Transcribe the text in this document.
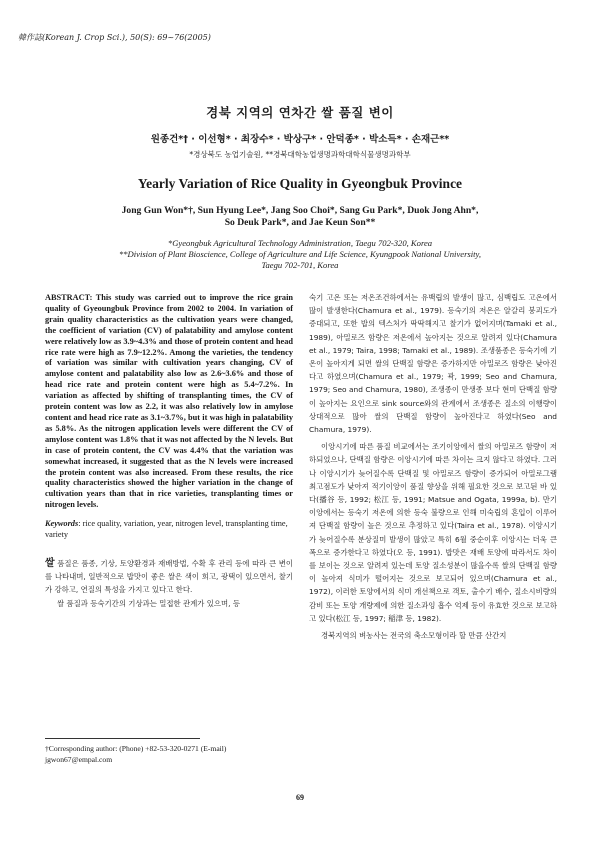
韓作誌(Korean J. Crop Sci.), 50(S): 69~76(2005)
경북 지역의 연차간 쌀 품질 변이
원종건*† · 이선형* · 최장수* · 박상구* · 안덕종* · 박소득* · 손재근**
*경상북도 농업기술원, **경북대학농업생명과학대학식물생명과학부
Yearly Variation of Rice Quality in Gyeongbuk Province
Jong Gun Won*†, Sun Hyung Lee*, Jang Soo Choi*, Sang Gu Park*, Duok Jong Ahn*,
So Deuk Park*, and Jae Keun Son**
*Gyeongbuk Agricultural Technology Administration, Taegu 702-320, Korea
**Division of Plant Bioscience, College of Agriculture and Life Science, Kyungpook National University,
Taegu 702-701, Korea
ABSTRACT: This study was carried out to improve the rice grain quality of Gyeoungbuk Province from 2002 to 2004. In variation of grain quality characteristics as the cultivation years were changed, the coefficient of variation (CV) of palatability and amylose content were relatively low as 3.9~4.3% and those of protein content and head rice rate were high as 7.9~12.2%. Among the varieties, the tendency of variation was similar with cultivation years changing, CV of amylose content and palatability also low as 2.6~3.6% and those of head rice rate and protein content were high as 5.4~7.2%. In variation as affected by shifting of transplanting times, the CV of protein content was low as 2.2, it was also relatively low in amylose content and head rice rate as 3.1~3.7%, but it was high in palatability as 5.8%. As the nitrogen application levels were different the CV of amylose content was 1.8% that it was not affected by the N levels. But in case of protein content, the CV was 4.4% that the variation was somewhat increased, it suggested that as the N levels were increased the protein content was also increased. From these results, the rice quality characteristics showed the higher variation in the change of cultivation years than that in rice varieties, transplanting times or nitrogen levels.
Keywords: rice quality, variation, year, nitrogen level, transplanting time, variety

쌀 품질은 품종, 기상, 토양환경과 재배방법, 수확 후 관리 등에 따라 큰 변이를 나타내며, 일반적으로 밥맛이 좋은 쌀은 색이 희고, 광택이 있으면서, 찰기가 강하고, 연질의 특성을 가지고 있다고 한다.

쌀 품질과 등숙기간의 기상과는 밀접한 관계가 있으며, 등

†Corresponding author: (Phone) +82-53-320-0271 (E-mail) jgwon67@empal.com

숙기 고온 또는 저온조건하에서는 유백립의 발생이 많고, 심백립도 고온에서 많이 발생한다(Chamura et al., 1979). 등숙기의 저온은 알갈리 붕괴도가 증대되고, 또한 밥의 텍스처가 딱딱해지고 찰기가 없어지며(Tamaki et al., 1989), 아밀로즈 함량은 저온에서 높아지는 것으로 알려져 있다(Chamura et al., 1979; Taira, 1998; Tamaki et al., 1989). 조생품종은 등숙기에 기온이 높아지게 되면 쌀의 단백질 함량은 증가하지만 아밀로즈 함량은 낮아진다고 하였으며(Chamura et al., 1979; 곽, 1999; Seo and Chamura, 1979; Seo and Chamura, 1980), 조생종이 만생종 보다 현미 단백질 함량이 높아지는 요인으로 sink source와의 관계에서 조생종은 질소의 이행량이 상대적으로 많아 쌀의 단백질 함량이 높아진다고 하였다(Seo and Chamura, 1979).

이앙시기에 따른 품질 비교에서는 조기이앙에서 쌀의 아밀로즈 함량이 저하되었으나, 단백질 함량은 이앙시기에 따른 차이는 크지 않다고 하였다. 그러나 이앙시기가 늦어질수록 단백질 및 아밀로즈 함량이 증가되어 아밀로그램 최고점도가 낮아져 적기이앙이 품질 향상을 위해 필요한 것으로 보고된 바 있다(播谷 등, 1992; 松江 등, 1991; Matsue and Ogata, 1999a, b). 만기이앙에서는 등숙기 저온에 의한 등숙 불량으로 인해 미숙립의 혼입이 이루어져 단백질 함량이 높은 것으로 추정하고 있다(Taira et al., 1978). 이앙시기가 늦어질수록 분상질미 발생이 많았고 특히 6월 중순이후 이앙시는 더욱 큰 폭으로 증가한다고 하였다(오 등, 1991). 밥맛은 재배 토양에 따라서도 차이를 보이는 것으로 알려져 있는데 토양 질소성분이 많을수록 쌀의 단백질 함량이 높아져 식미가 떨어지는 것으로 보고되어 있으며(Chamura et al., 1972), 이러한 토양에서의 식미 개선책으로 객토, 출수기 배수, 질소시비량의 감비 또는 토양 개량제에 의한 질소과잉 흡수 억제 등이 유효한 것으로 보고하고 있다(松江 등, 1997; 稲津 등, 1982).

경북지역의 벼농사는 전국의 축소모형이라 할 만큼 산간지

69
